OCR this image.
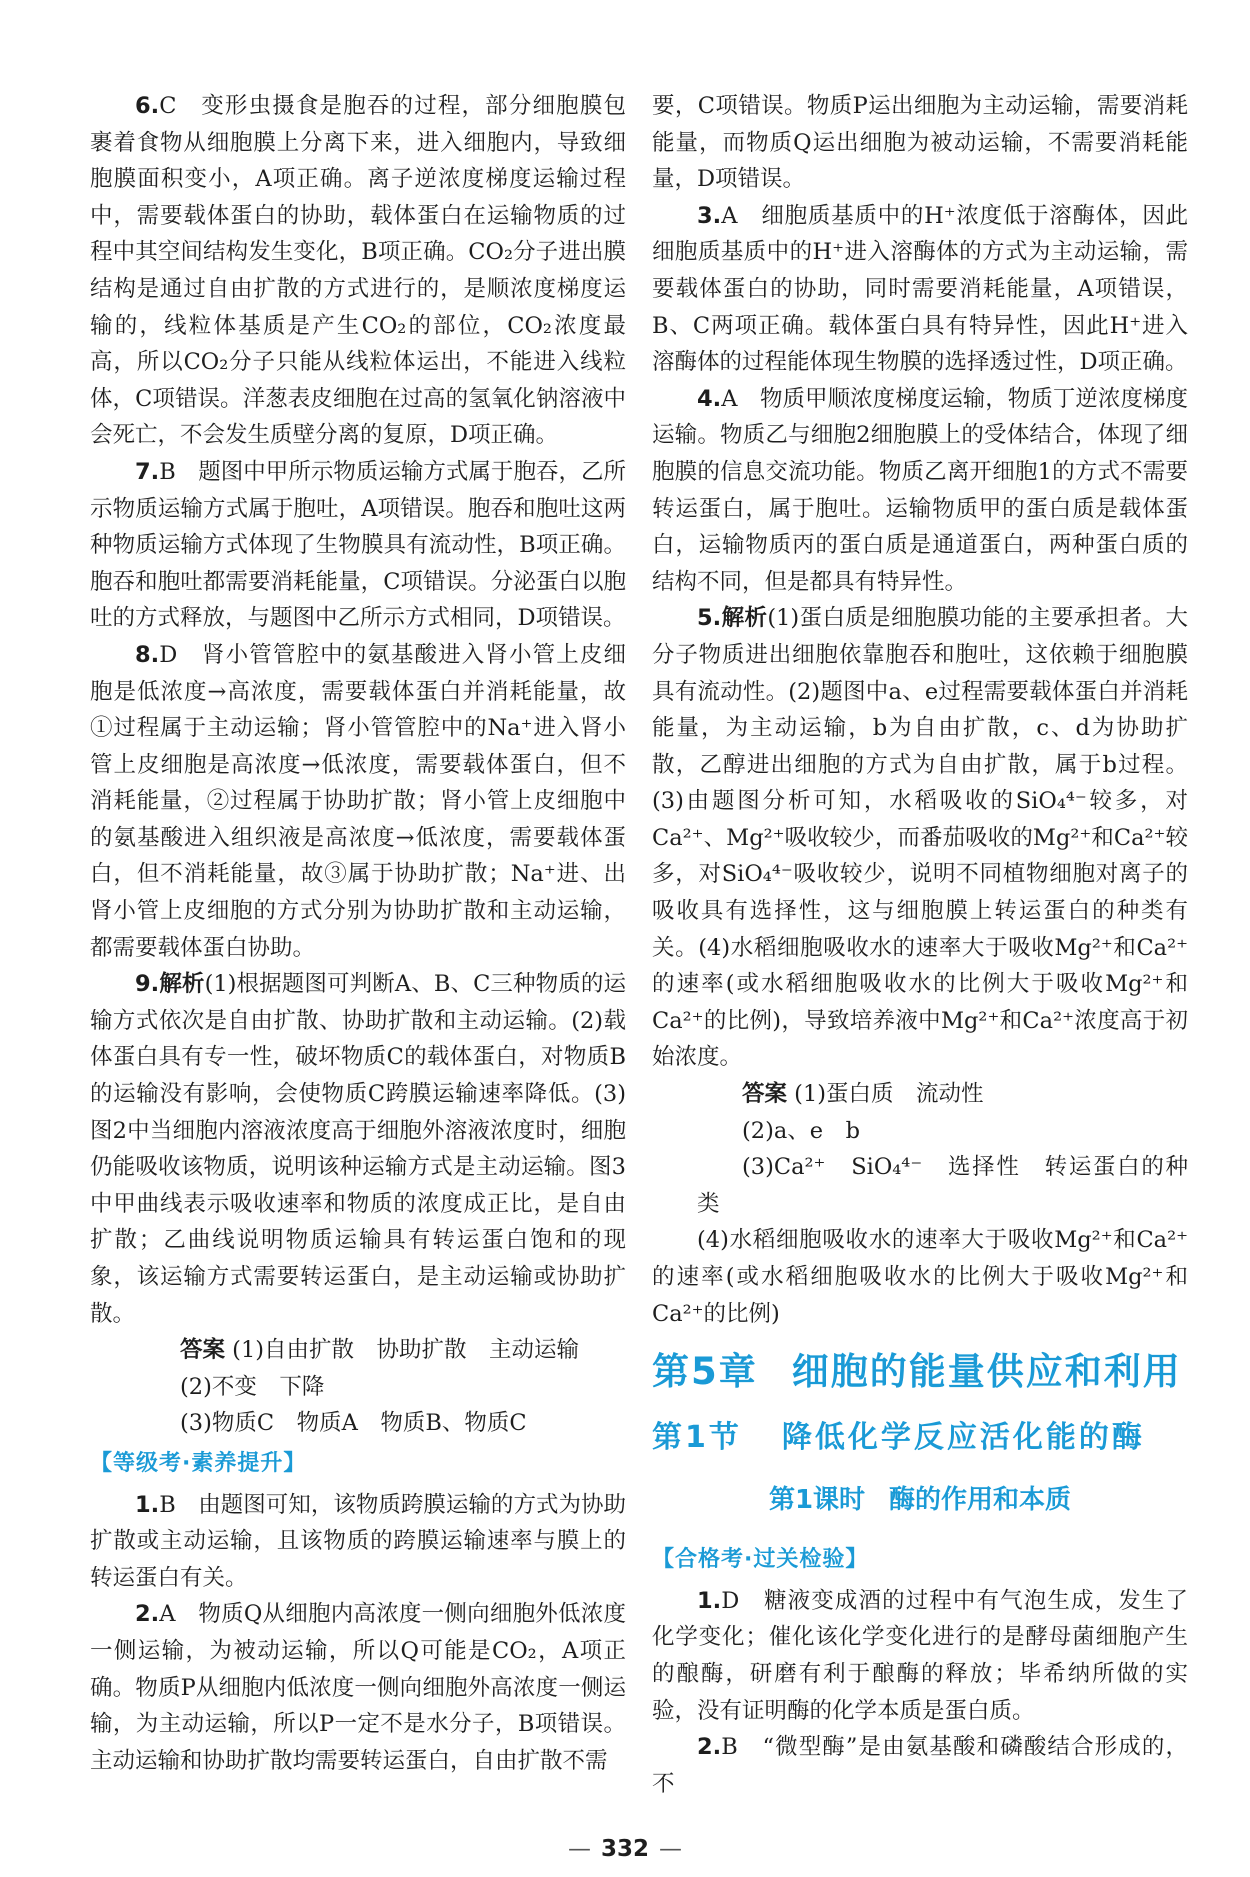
6.C　变形虫摄食是胞吞的过程，部分细胞膜包裹着食物从细胞膜上分离下来，进入细胞内，导致细胞膜面积变小，A项正确。离子逆浓度梯度运输过程中，需要载体蛋白的协助，载体蛋白在运输物质的过程中其空间结构发生变化，B项正确。CO₂分子进出膜结构是通过自由扩散的方式进行的，是顺浓度梯度运输的，线粒体基质是产生CO₂的部位，CO₂浓度最高，所以CO₂分子只能从线粒体运出，不能进入线粒体，C项错误。洋葱表皮细胞在过高的氢氧化钠溶液中会死亡，不会发生质壁分离的复原，D项正确。

7.B　题图中甲所示物质运输方式属于胞吞，乙所示物质运输方式属于胞吐，A项错误。胞吞和胞吐这两种物质运输方式体现了生物膜具有流动性，B项正确。胞吞和胞吐都需要消耗能量，C项错误。分泌蛋白以胞吐的方式释放，与题图中乙所示方式相同，D项错误。

8.D　肾小管管腔中的氨基酸进入肾小管上皮细胞是低浓度→高浓度，需要载体蛋白并消耗能量，故①过程属于主动运输；肾小管管腔中的Na⁺进入肾小管上皮细胞是高浓度→低浓度，需要载体蛋白，但不消耗能量，②过程属于协助扩散；肾小管上皮细胞中的氨基酸进入组织液是高浓度→低浓度，需要载体蛋白，但不消耗能量，故③属于协助扩散；Na⁺进、出肾小管上皮细胞的方式分别为协助扩散和主动运输，都需要载体蛋白协助。

9.解析(1)根据题图可判断A、B、C三种物质的运输方式依次是自由扩散、协助扩散和主动运输。(2)载体蛋白具有专一性，破坏物质C的载体蛋白，对物质B的运输没有影响，会使物质C跨膜运输速率降低。(3)图2中当细胞内溶液浓度高于细胞外溶液浓度时，细胞仍能吸收该物质，说明该种运输方式是主动运输。图3中甲曲线表示吸收速率和物质的浓度成正比，是自由扩散；乙曲线说明物质运输具有转运蛋白饱和的现象，该运输方式需要转运蛋白，是主动运输或协助扩散。

答案 (1)自由扩散　协助扩散　主动运输

(2)不变　下降

(3)物质C　物质A　物质B、物质C

【等级考·素养提升】

1.B　由题图可知，该物质跨膜运输的方式为协助扩散或主动运输，且该物质的跨膜运输速率与膜上的转运蛋白有关。

2.A　物质Q从细胞内高浓度一侧向细胞外低浓度一侧运输，为被动运输，所以Q可能是CO₂，A项正确。物质P从细胞内低浓度一侧向细胞外高浓度一侧运输，为主动运输，所以P一定不是水分子，B项错误。主动运输和协助扩散均需要转运蛋白，自由扩散不需

要，C项错误。物质P运出细胞为主动运输，需要消耗能量，而物质Q运出细胞为被动运输，不需要消耗能量，D项错误。

3.A　细胞质基质中的H⁺浓度低于溶酶体，因此细胞质基质中的H⁺进入溶酶体的方式为主动运输，需要载体蛋白的协助，同时需要消耗能量，A项错误，B、C两项正确。载体蛋白具有特异性，因此H⁺进入溶酶体的过程能体现生物膜的选择透过性，D项正确。

4.A　物质甲顺浓度梯度运输，物质丁逆浓度梯度运输。物质乙与细胞2细胞膜上的受体结合，体现了细胞膜的信息交流功能。物质乙离开细胞1的方式不需要转运蛋白，属于胞吐。运输物质甲的蛋白质是载体蛋白，运输物质丙的蛋白质是通道蛋白，两种蛋白质的结构不同，但是都具有特异性。

5.解析(1)蛋白质是细胞膜功能的主要承担者。大分子物质进出细胞依靠胞吞和胞吐，这依赖于细胞膜具有流动性。(2)题图中a、e过程需要载体蛋白并消耗能量，为主动运输，b为自由扩散，c、d为协助扩散，乙醇进出细胞的方式为自由扩散，属于b过程。(3)由题图分析可知，水稻吸收的SiO₄⁴⁻较多，对Ca²⁺、Mg²⁺吸收较少，而番茄吸收的Mg²⁺和Ca²⁺较多，对SiO₄⁴⁻吸收较少，说明不同植物细胞对离子的吸收具有选择性，这与细胞膜上转运蛋白的种类有关。(4)水稻细胞吸收水的速率大于吸收Mg²⁺和Ca²⁺的速率(或水稻细胞吸收水的比例大于吸收Mg²⁺和Ca²⁺的比例)，导致培养液中Mg²⁺和Ca²⁺浓度高于初始浓度。

答案 (1)蛋白质　流动性

(2)a、e　b

(3)Ca²⁺　SiO₄⁴⁻　选择性　转运蛋白的种类

(4)水稻细胞吸收水的速率大于吸收Mg²⁺和Ca²⁺的速率(或水稻细胞吸收水的比例大于吸收Mg²⁺和Ca²⁺的比例)

第5章 细胞的能量供应和利用
第1节 降低化学反应活化能的酶
第1课时 酶的作用和本质
【合格考·过关检验】

1.D　糖液变成酒的过程中有气泡生成，发生了化学变化；催化该化学变化进行的是酵母菌细胞产生的酿酶，研磨有利于酿酶的释放；毕希纳所做的实验，没有证明酶的化学本质是蛋白质。

2.B　“微型酶”是由氨基酸和磷酸结合形成的，不

— 332 —
